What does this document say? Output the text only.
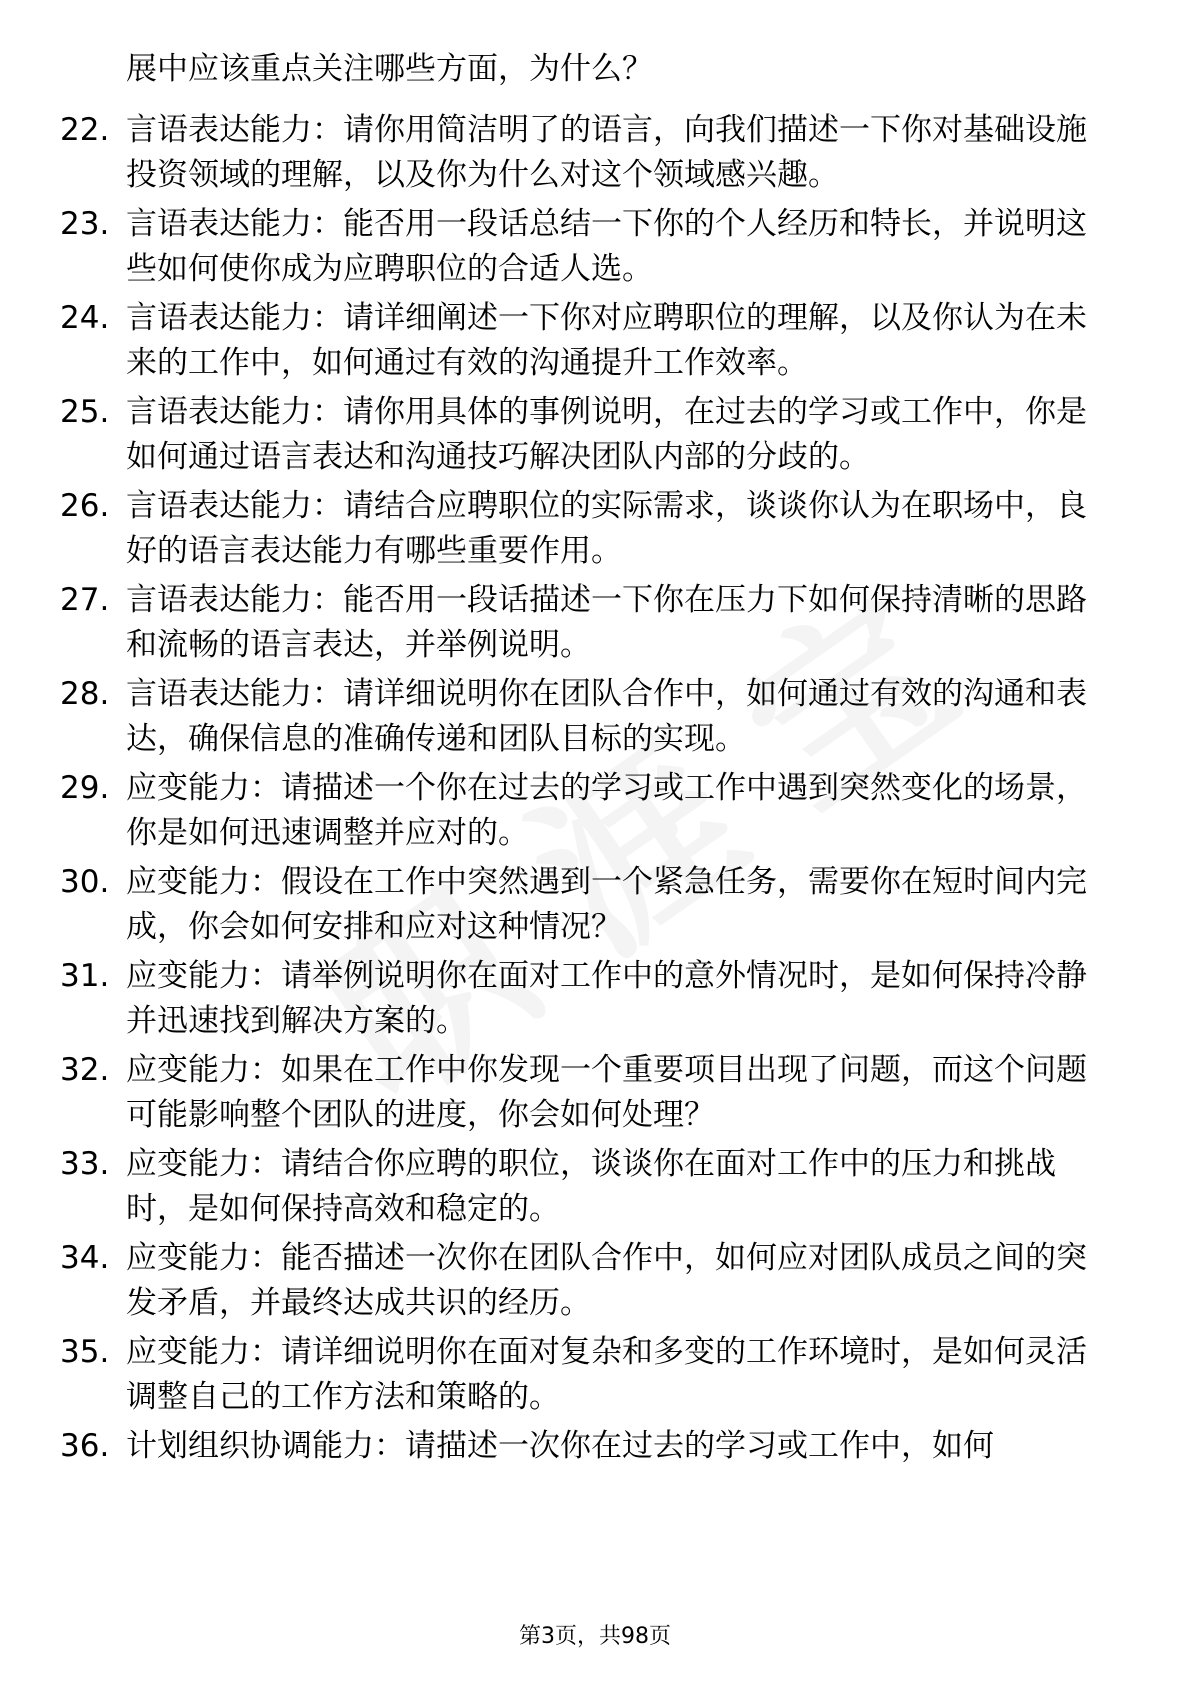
展中应该重点关注哪些方面，为什么？
22. 言语表达能力：请你用简洁明了的语言，向我们描述一下你对基础设施投资领域的理解，以及你为什么对这个领域感兴趣。
23. 言语表达能力：能否用一段话总结一下你的个人经历和特长，并说明这些如何使你成为应聘职位的合适人选。
24. 言语表达能力：请详细阐述一下你对应聘职位的理解，以及你认为在未来的工作中，如何通过有效的沟通提升工作效率。
25. 言语表达能力：请你用具体的事例说明，在过去的学习或工作中，你是如何通过语言表达和沟通技巧解决团队内部的分歧的。
26. 言语表达能力：请结合应聘职位的实际需求，谈谈你认为在职场中，良好的语言表达能力有哪些重要作用。
27. 言语表达能力：能否用一段话描述一下你在压力下如何保持清晰的思路和流畅的语言表达，并举例说明。
28. 言语表达能力：请详细说明你在团队合作中，如何通过有效的沟通和表达，确保信息的准确传递和团队目标的实现。
29. 应变能力：请描述一个你在过去的学习或工作中遇到突然变化的场景，你是如何迅速调整并应对的。
30. 应变能力：假设在工作中突然遇到一个紧急任务，需要你在短时间内完成，你会如何安排和应对这种情况？
31. 应变能力：请举例说明你在面对工作中的意外情况时，是如何保持冷静并迅速找到解决方案的。
32. 应变能力：如果在工作中你发现一个重要项目出现了问题，而这个问题可能影响整个团队的进度，你会如何处理？
33. 应变能力：请结合你应聘的职位，谈谈你在面对工作中的压力和挑战时，是如何保持高效和稳定的。
34. 应变能力：能否描述一次你在团队合作中，如何应对团队成员之间的突发矛盾，并最终达成共识的经历。
35. 应变能力：请详细说明你在面对复杂和多变的工作环境时，是如何灵活调整自己的工作方法和策略的。
36. 计划组织协调能力：请描述一次你在过去的学习或工作中，如何
第3页，共98页
